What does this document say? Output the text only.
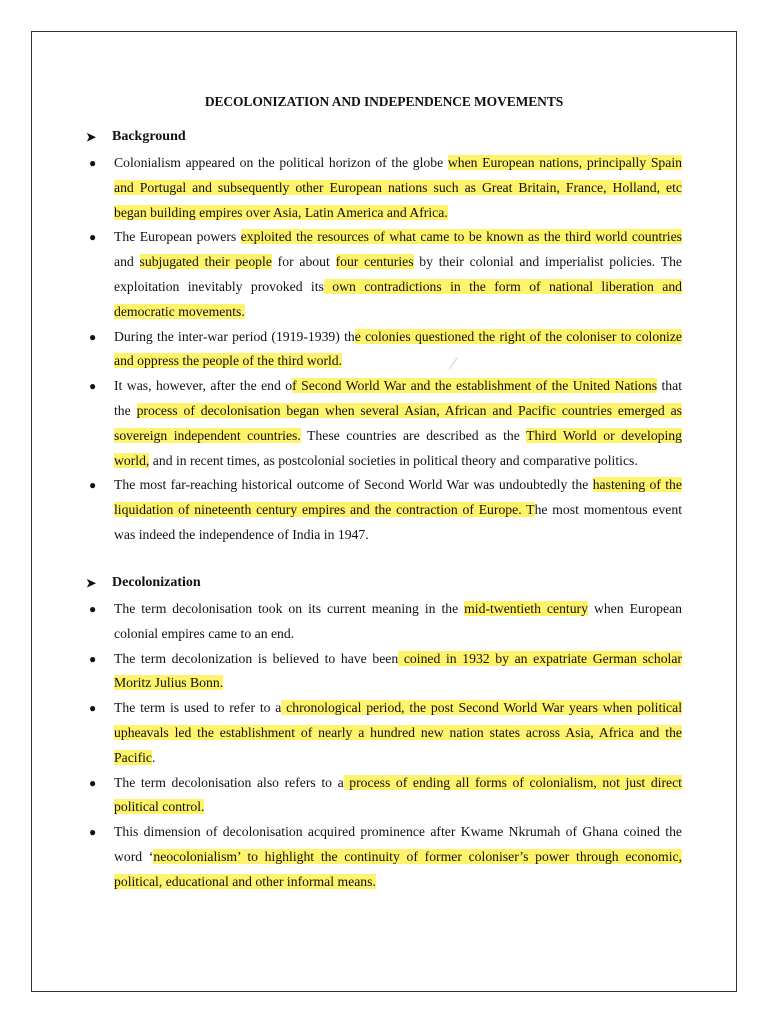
DECOLONIZATION AND INDEPENDENCE MOVEMENTS
➤	Background
● Colonialism appeared on the political horizon of the globe when European nations, principally Spain and Portugal and subsequently other European nations such as Great Britain, France, Holland, etc began building empires over Asia, Latin America and Africa.
● The European powers exploited the resources of what came to be known as the third world countries and subjugated their people for about four centuries by their colonial and imperialist policies. The exploitation inevitably provoked its own contradictions in the form of national liberation and democratic movements.
● During the inter-war period (1919-1939) the colonies questioned the right of the coloniser to colonize and oppress the people of the third world.
● It was, however, after the end of Second World War and the establishment of the United Nations that the process of decolonisation began when several Asian, African and Pacific countries emerged as sovereign independent countries. These countries are described as the Third World or developing world, and in recent times, as postcolonial societies in political theory and comparative politics.
● The most far-reaching historical outcome of Second World War was undoubtedly the hastening of the liquidation of nineteenth century empires and the contraction of Europe. The most momentous event was indeed the independence of India in 1947.
➤	Decolonization
● The term decolonisation took on its current meaning in the mid-twentieth century when European colonial empires came to an end.
● The term decolonization is believed to have been coined in 1932 by an expatriate German scholar Moritz Julius Bonn.
● The term is used to refer to a chronological period, the post Second World War years when political upheavals led the establishment of nearly a hundred new nation states across Asia, Africa and the Pacific.
● The term decolonisation also refers to a process of ending all forms of colonialism, not just direct political control.
● This dimension of decolonisation acquired prominence after Kwame Nkrumah of Ghana coined the word ‘neocolonialism’ to highlight the continuity of former coloniser’s power through economic, political, educational and other informal means.
